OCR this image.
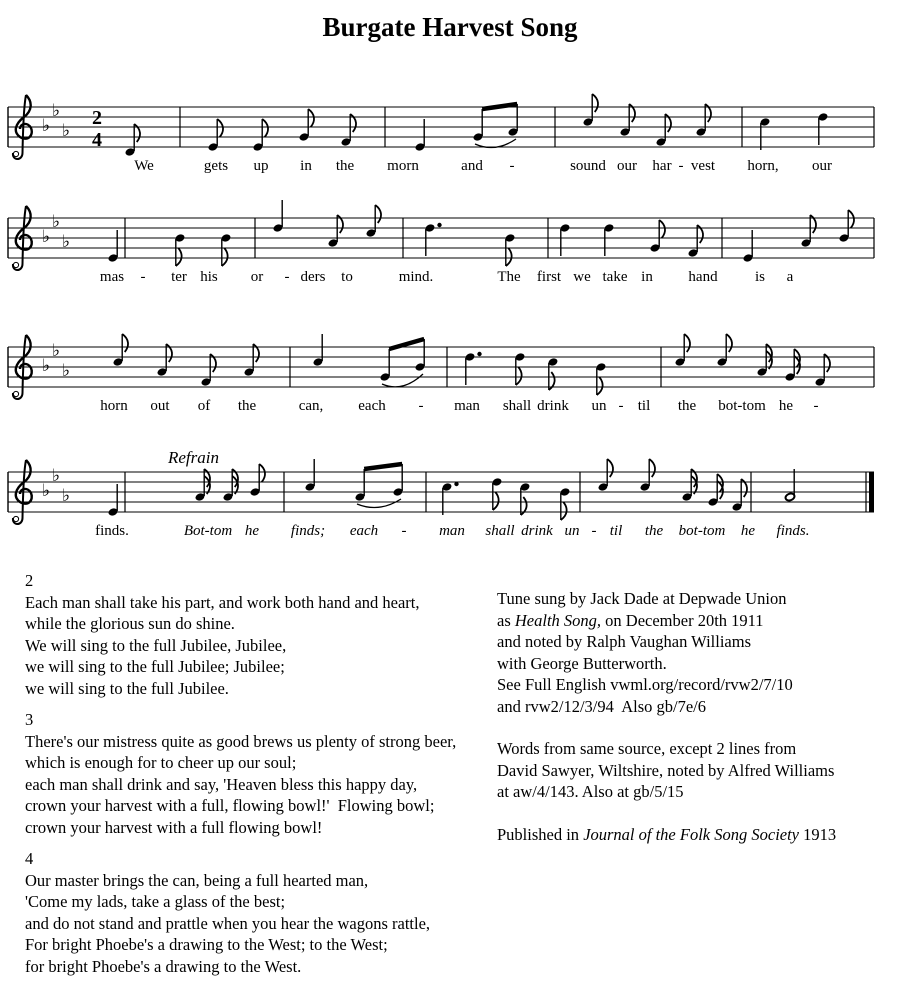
Burgate Harvest Song
♭
♭
♭
2
4
We	gets up in the morn	and -	sound our har - vest horn, our
♭
♭
♭
mas - ter his or - ders to	mind.	The first we take in hand is a
♭
♭
♭
horn out of the	can, each - man shall drink un - til the bot-tom he -
♭
♭
♭
finds.	Bot-tom he finds; each - man shall drink un - til the bot-tom he finds.
Refrain
2
Each man shall take his part, and work both hand and heart,
while the glorious sun do shine.
We will sing to the full Jubilee, Jubilee,
we will sing to the full Jubilee; Jubilee;
we will sing to the full Jubilee.
3
There's our mistress quite as good brews us plenty of strong beer,
which is enough for to cheer up our soul;
each man shall drink and say, 'Heaven bless this happy day,
crown your harvest with a full, flowing bowl!'  Flowing bowl;
crown your harvest with a full flowing bowl!
4
Our master brings the can, being a full hearted man,
'Come my lads, take a glass of the best;
and do not stand and prattle when you hear the wagons rattle,
For bright Phoebe's a drawing to the West; to the West;
for bright Phoebe's a drawing to the West.
Tune sung by Jack Dade at Depwade Union
as Health Song, on December 20th 1911
and noted by Ralph Vaughan Williams
with George Butterworth.
See Full English vwml.org/record/rvw2/7/10
and rvw2/12/3/94  Also gb/7e/6
Words from same source, except 2 lines from
David Sawyer, Wiltshire, noted by Alfred Williams
at aw/4/143. Also at gb/5/15
Published in Journal of the Folk Song Society 1913
